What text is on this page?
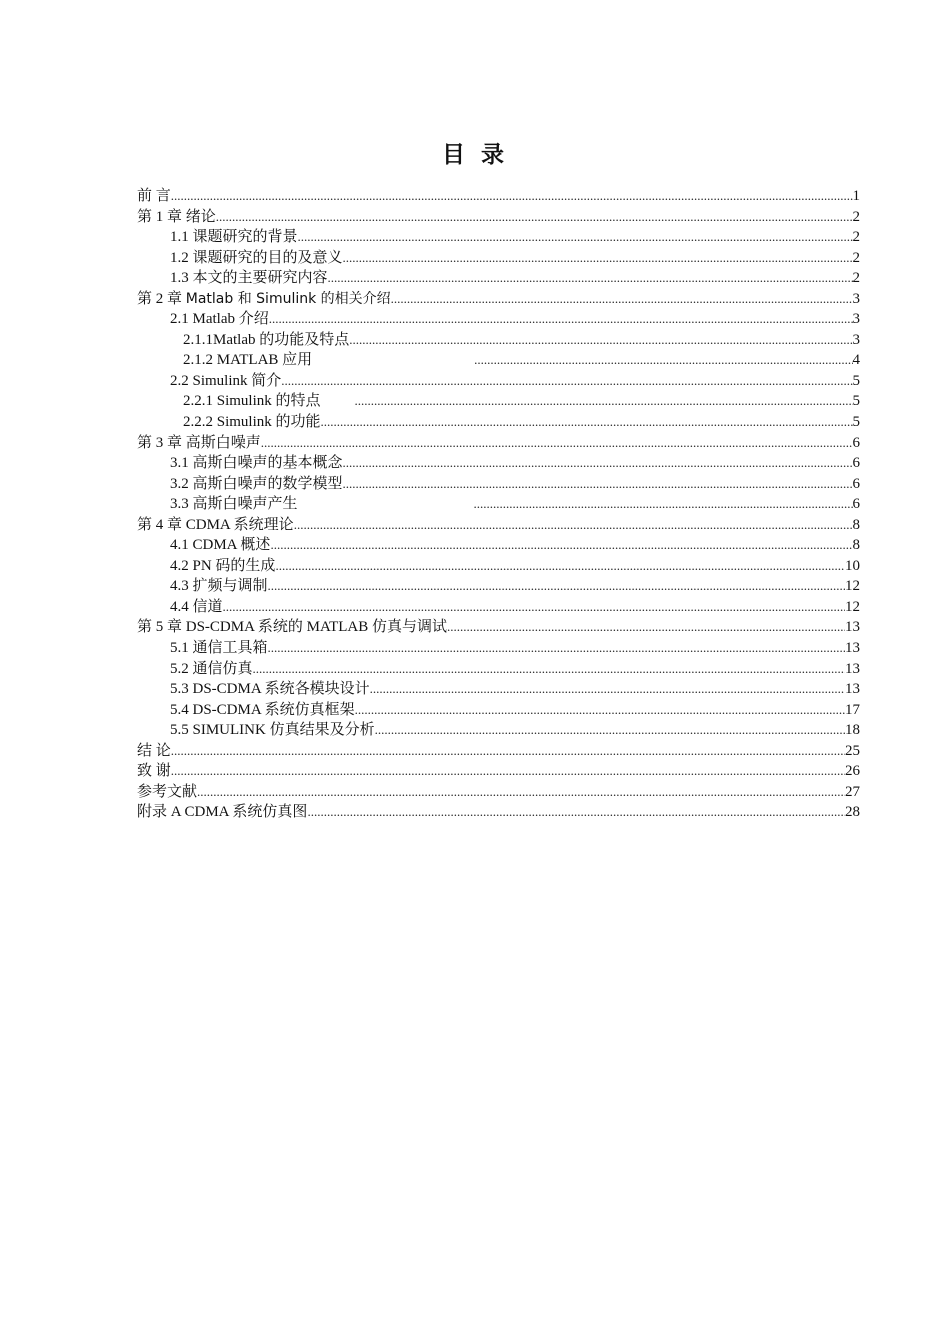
目 录
前 言 .....	1
第 1 章 绪论 .....	2
1.1 课题研究的背景 .....	2
1.2 课题研究的目的及意义 .....	2
1.3 本文的主要研究内容 .....	2
第 2 章 Matlab 和 Simulink 的相关介绍 .....	3
2.1 Matlab 介绍 .....	3
2.1.1Matlab 的功能及特点 .....	3
2.1.2 MATLAB 应用 .....	4
2.2 Simulink 简介 .....	5
2.2.1 Simulink 的特点 .....	5
2.2.2 Simulink 的功能 .....	5
第 3 章 高斯白噪声 .....	6
3.1 高斯白噪声的基本概念 .....	6
3.2 高斯白噪声的数学模型 .....	6
3.3 高斯白噪声产生 .....	6
第 4 章 CDMA 系统理论 .....	8
4.1 CDMA 概述 .....	8
4.2 PN 码的生成 .....	10
4.3 扩频与调制 .....	12
4.4 信道 .....	12
第 5 章 DS-CDMA 系统的 MATLAB 仿真与调试 .....	13
5.1 通信工具箱 .....	13
5.2 通信仿真 .....	13
5.3 DS-CDMA 系统各模块设计 .....	13
5.4 DS-CDMA 系统仿真框架 .....	17
5.5 SIMULINK 仿真结果及分析 .....	18
结 论 .....	25
致 谢 .....	26
参考文献 .....	27
附录 A CDMA 系统仿真图 .....	28
